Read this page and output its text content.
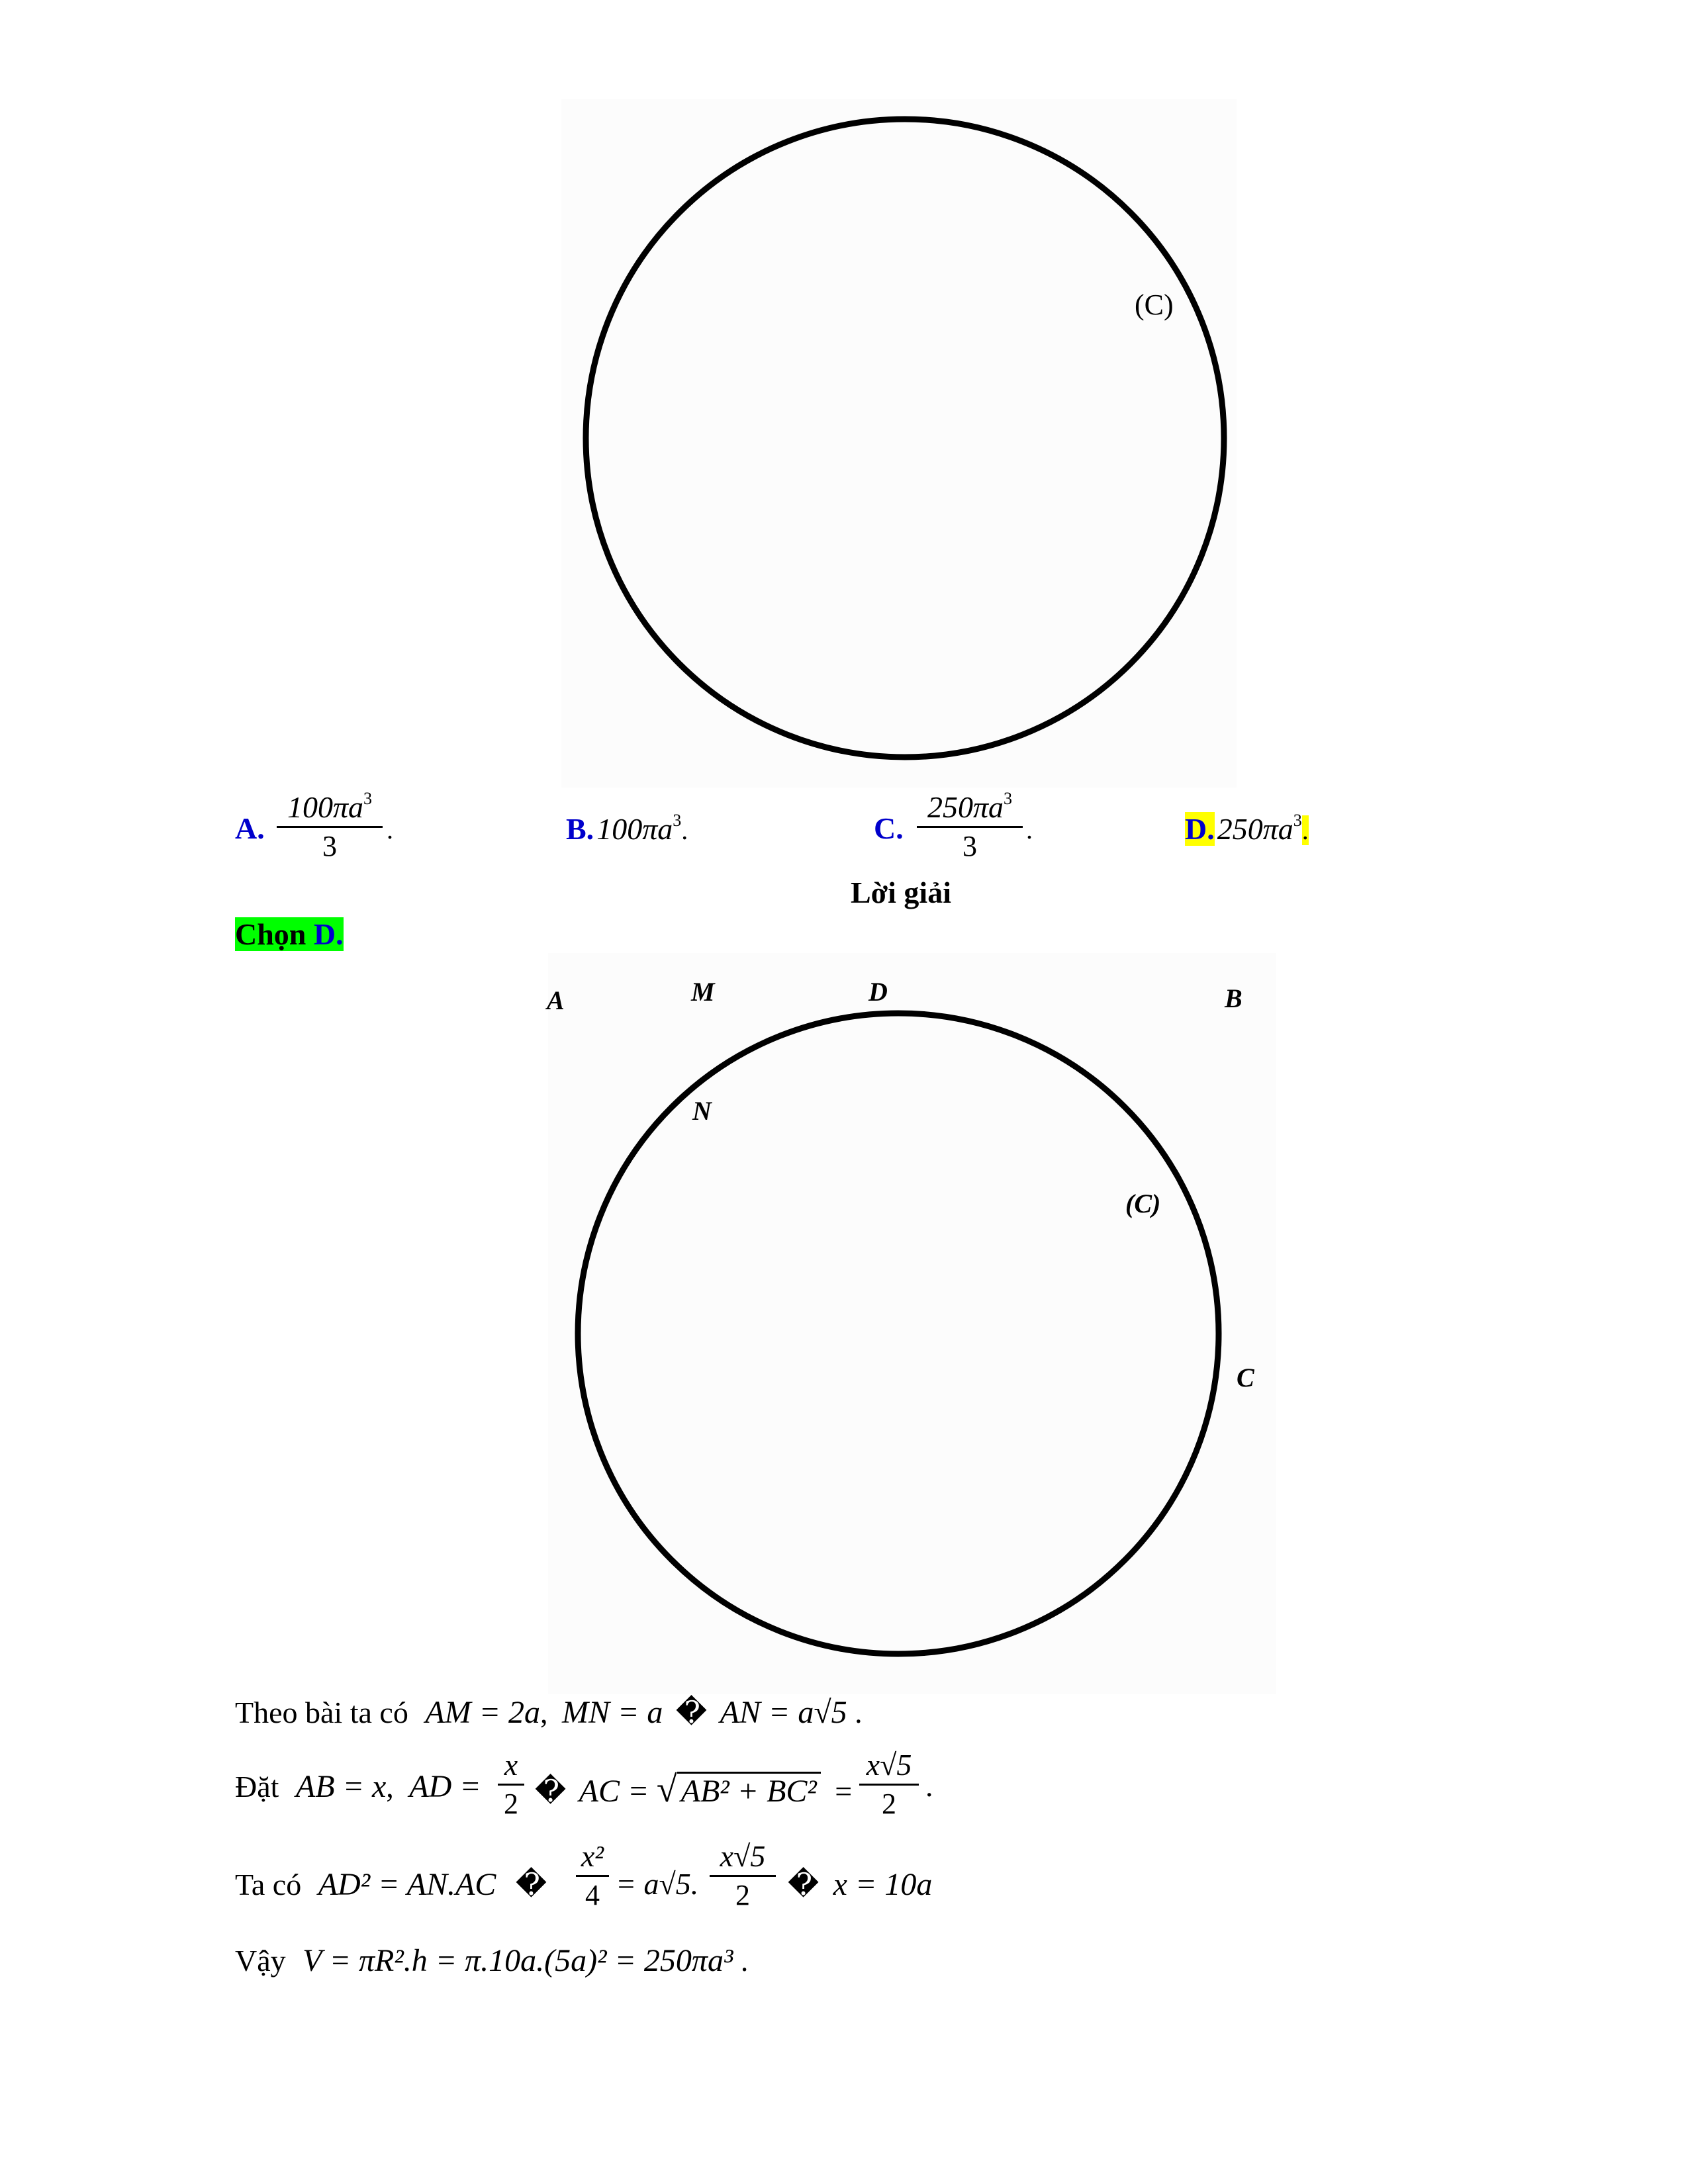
(C)
A.
$100\pi a^3$
3
.	B. $100\pi a^3$.	C.
$250\pi a^3$
3
.	D. $250\pi a^3$.
Lời giải
Chọn D.
A	M	D	B
N
(C)
C
Theo bài ta có AM = 2a, MN = a � AN = a√5 .
Đặt AB = x, AD =
x
2 � AC = √ AB² + BC² =
x√5
2
.
Ta có AD² = AN.AC �
x²
4 = a√5.
x√5
2	� x = 10a
Vậy V = πR².h = π.10a.(5a)² = 250πa³ .
